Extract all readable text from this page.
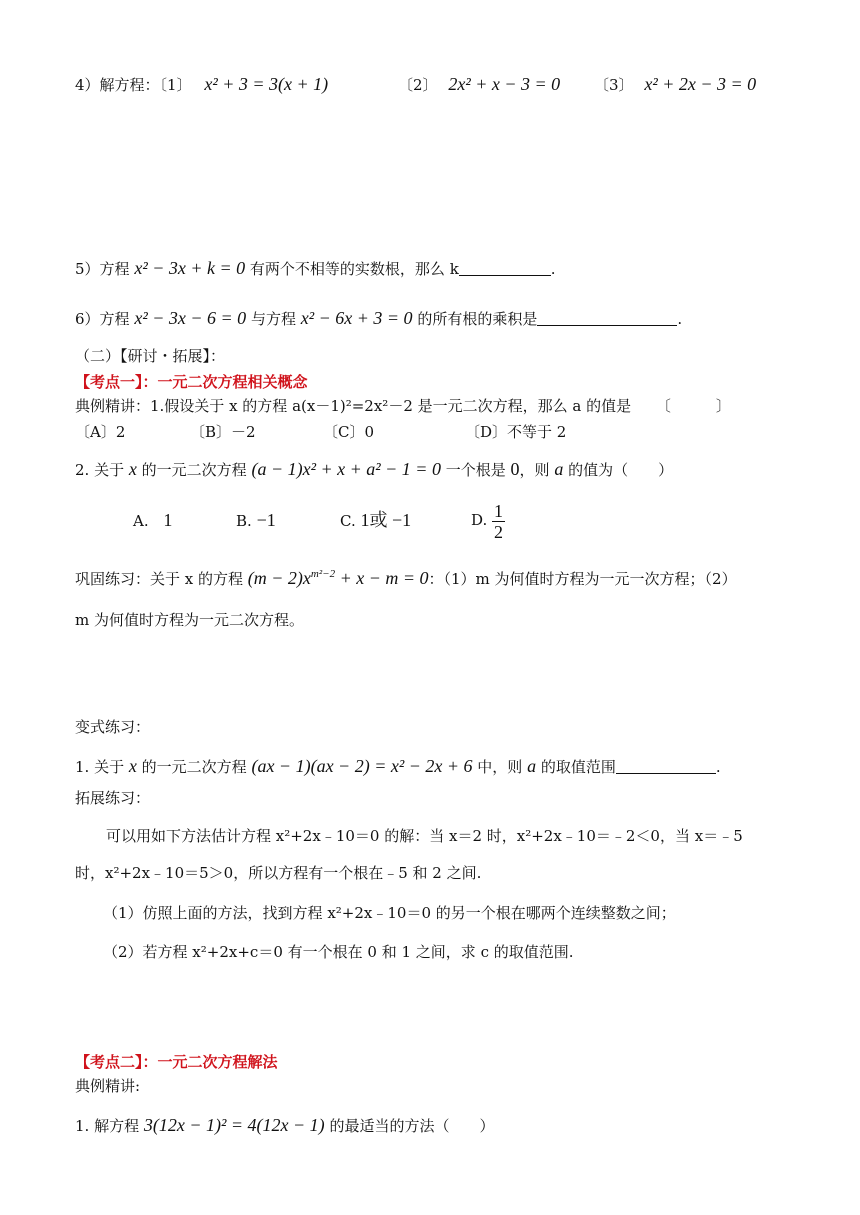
4）解方程：〔1〕 x² + 3 = 3(x + 1)	〔2〕 2x² + x − 3 = 0 〔3〕 x² + 2x − 3 = 0
5）方程 x² − 3x + k = 0 有两个不相等的实数根，那么 k	.
6）方程 x² − 3x − 6 = 0 与方程 x² − 6x + 3 = 0 的所有根的乘积是	.
（二）【研讨・拓展】：
【考点一】：一元二次方程相关概念
典例精讲：1.假设关于 x 的方程 a(x－1)²=2x²－2 是一元二次方程，那么 a 的值是 〔　　　〕
〔A〕2	〔B〕－2	〔C〕0	〔D〕不等于 2
2. 关于 x 的一元二次方程 (a − 1)x² + x + a² − 1 = 0 一个根是 0，则 a 的值为（　　）
A. 1	B. −1	C. 1或 −1	D. $\frac{1}{2}$
巩固练习：关于 x 的方程 $(m - 2)x^{m^2-2} + x - m = 0$：（1）m 为何值时方程为一元一次方程；（2）
m 为何值时方程为一元二次方程。
变式练习：
1. 关于 x 的一元二次方程 (ax − 1)(ax − 2) = x² − 2x + 6 中，则 a 的取值范围	.
拓展练习：
可以用如下方法估计方程 x²+2x﹣10＝0 的解：当 x＝2 时，x²+2x﹣10＝﹣2＜0，当 x＝﹣5
时，x²+2x﹣10＝5＞0，所以方程有一个根在﹣5 和 2 之间.
（1）仿照上面的方法，找到方程 x²+2x﹣10＝0 的另一个根在哪两个连续整数之间；
（2）若方程 x²+2x+c＝0 有一个根在 0 和 1 之间，求 c 的取值范围.
【考点二】：一元二次方程解法
典例精讲:
1. 解方程 3(12x − 1)² = 4(12x − 1) 的最适当的方法（　　）
